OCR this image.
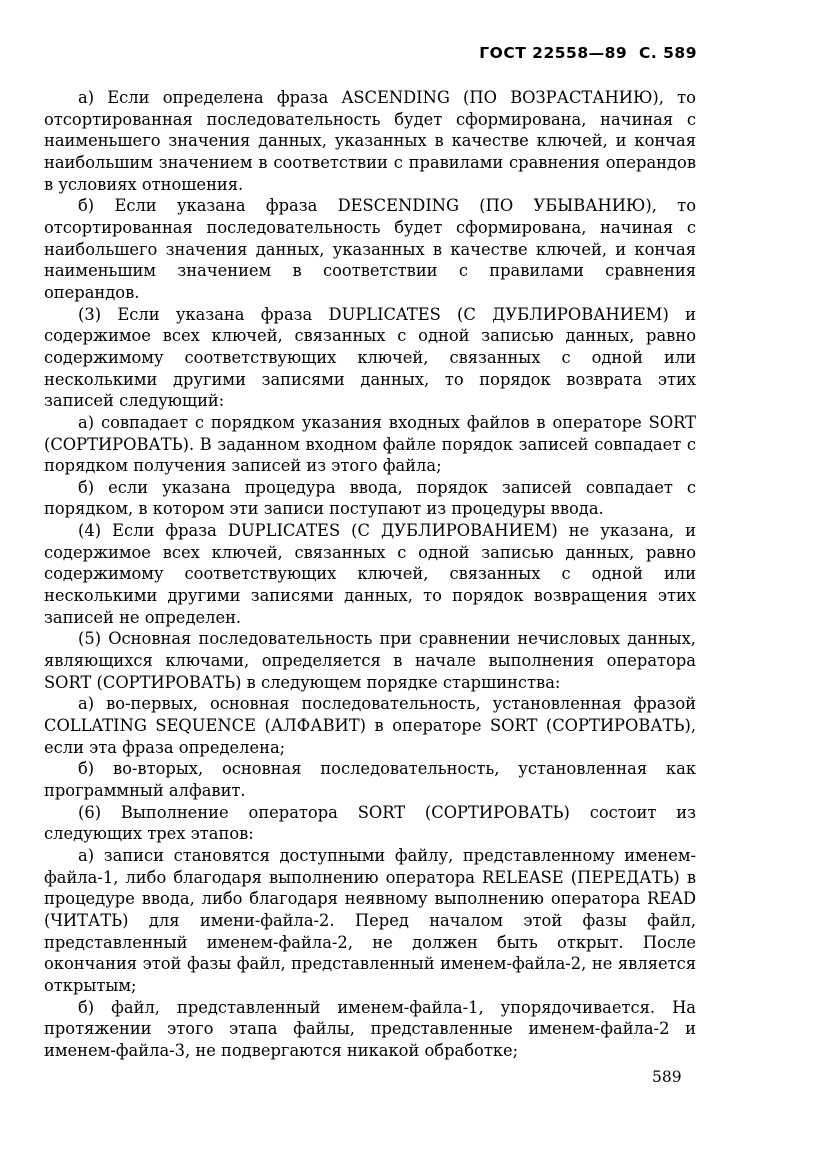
ГОСТ 22558—89 С. 589

а) Если определена фраза ASCENDING (ПО ВОЗРАСТАНИЮ), то отсортированная последовательность будет сформирована, начиная с наименьшего значения данных, указанных в качестве ключей, и кончая наибольшим значением в соответствии с правилами сравнения операндов в условиях отношения.

б) Если указана фраза DESCENDING (ПО УБЫВАНИЮ), то отсортированная последовательность будет сформирована, начиная с наибольшего значения данных, указанных в качестве ключей, и кончая наименьшим значением в соответствии с правилами сравнения операндов.

(3) Если указана фраза DUPLICATES (С ДУБЛИРОВАНИЕМ) и содержимое всех ключей, связанных с одной записью данных, равно содержимому соответствующих ключей, связанных с одной или несколькими другими записями данных, то порядок возврата этих записей следующий:

а) совпадает с порядком указания входных файлов в операторе SORT (СОРТИРОВАТЬ). В заданном входном файле порядок записей совпадает с порядком получения записей из этого файла;

б) если указана процедура ввода, порядок записей совпадает с порядком, в котором эти записи поступают из процедуры ввода.

(4) Если фраза DUPLICATES (С ДУБЛИРОВАНИЕМ) не указана, и содержимое всех ключей, связанных с одной записью данных, равно содержимому соответствующих ключей, связанных с одной или несколькими другими записями данных, то порядок возвращения этих записей не определен.

(5) Основная последовательность при сравнении нечисловых данных, являющихся ключами, определяется в начале выполнения оператора SORT (СОРТИРОВАТЬ) в следующем порядке старшинства:

а) во-первых, основная последовательность, установленная фразой COLLATING SEQUENCE (АЛФАВИТ) в операторе SORT (СОРТИРОВАТЬ), если эта фраза определена;

б) во-вторых, основная последовательность, установленная как программный алфавит.

(6) Выполнение оператора SORT (СОРТИРОВАТЬ) состоит из следующих трех этапов:

а) записи становятся доступными файлу, представленному именем-файла-1, либо благодаря выполнению оператора RELEASE (ПЕРЕДАТЬ) в процедуре ввода, либо благодаря неявному выполнению оператора READ (ЧИТАТЬ) для имени-файла-2. Перед началом этой фазы файл, представленный именем-файла-2, не должен быть открыт. После окончания этой фазы файл, представленный именем-файла-2, не является открытым;

б) файл, представленный именем-файла-1, упорядочивается. На протяжении этого этапа файлы, представленные именем-файла-2 и именем-файла-3, не подвергаются никакой обработке;

589
